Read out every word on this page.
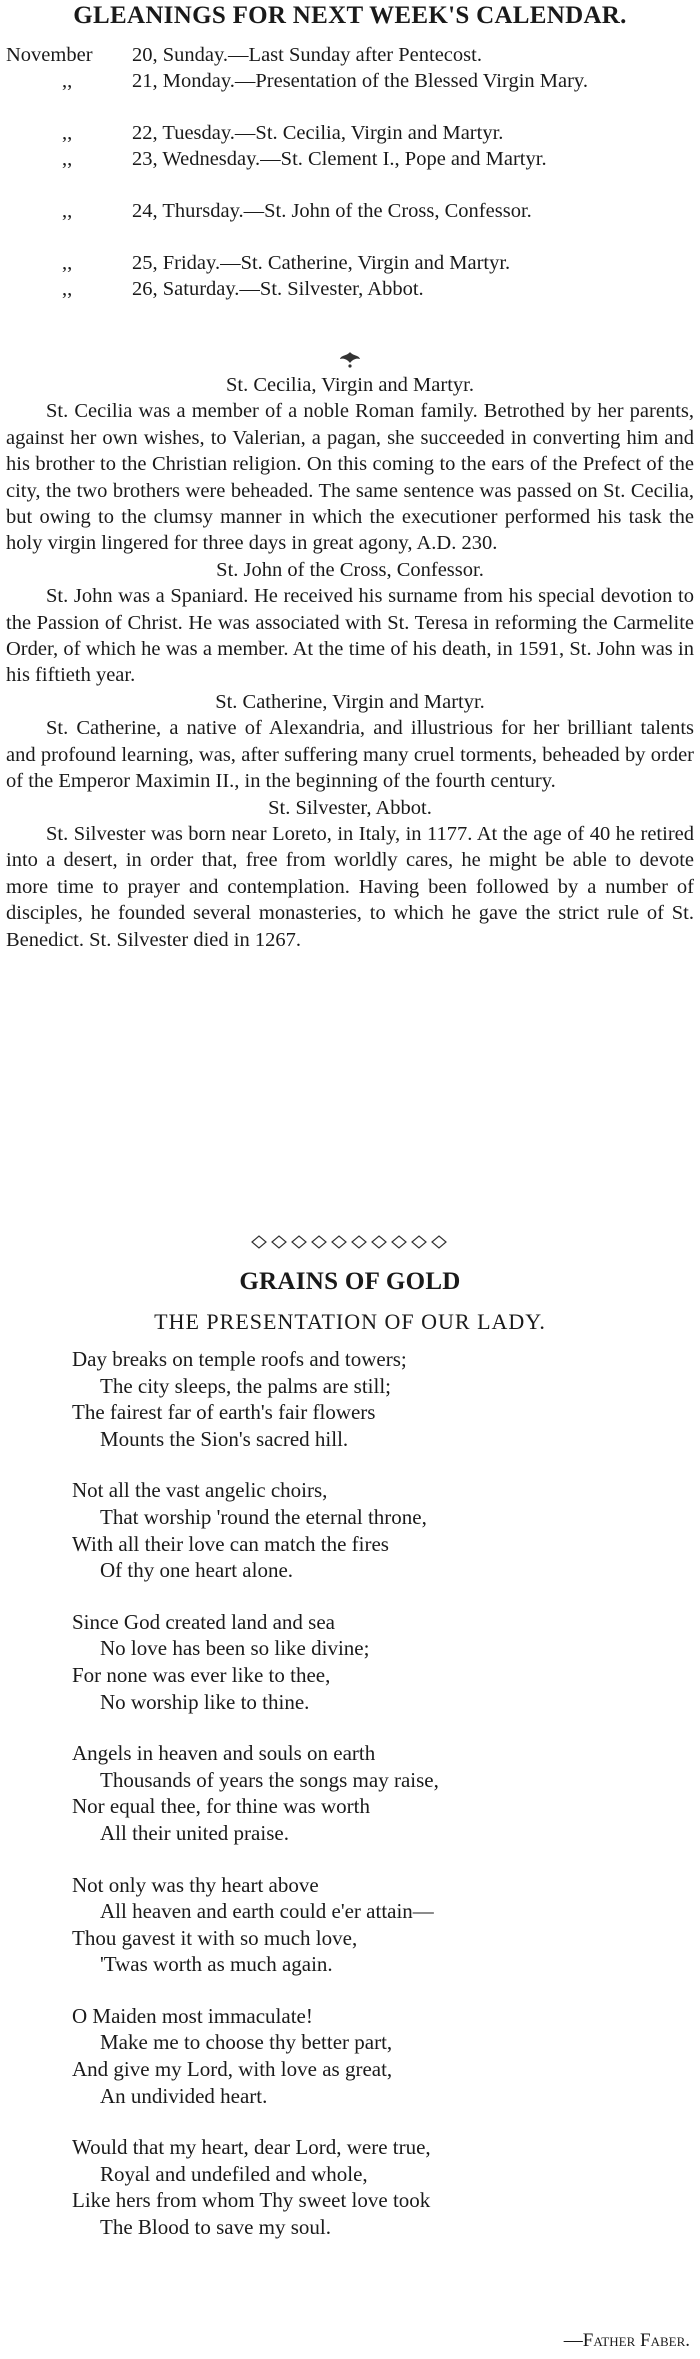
GLEANINGS FOR NEXT WEEK'S CALENDAR.
November 20, Sunday.—Last Sunday after Pentecost.
,,	21, Monday.—Presentation of the Blessed Virgin Mary.
,,	22, Tuesday.—St. Cecilia, Virgin and Martyr.
,,	23, Wednesday.—St. Clement I., Pope and Martyr.
,,	24, Thursday.—St. John of the Cross, Confessor.
,,	25, Friday.—St. Catherine, Virgin and Martyr.
,,	26, Saturday.—St. Silvester, Abbot.

St. Cecilia, Virgin and Martyr.

St. Cecilia was a member of a noble Roman family. Betrothed by her parents, against her own wishes, to Valerian, a pagan, she succeeded in converting him and his brother to the Christian religion. On this coming to the ears of the Prefect of the city, the two brothers were beheaded. The same sentence was passed on St. Cecilia, but owing to the clumsy manner in which the executioner performed his task the holy virgin lingered for three days in great agony, A.D. 230.

St. John of the Cross, Confessor.

St. John was a Spaniard. He received his surname from his special devotion to the Passion of Christ. He was associated with St. Teresa in reforming the Carmelite Order, of which he was a member. At the time of his death, in 1591, St. John was in his fiftieth year.

St. Catherine, Virgin and Martyr.

St. Catherine, a native of Alexandria, and illustrious for her brilliant talents and profound learning, was, after suffering many cruel torments, beheaded by order of the Emperor Maximin II., in the beginning of the fourth century.

St. Silvester, Abbot.

St. Silvester was born near Loreto, in Italy, in 1177. At the age of 40 he retired into a desert, in order that, free from worldly cares, he might be able to devote more time to prayer and contemplation. Having been followed by a number of disciples, he founded several monasteries, to which he gave the strict rule of St. Benedict. St. Silvester died in 1267.

GRAINS OF GOLD
THE PRESENTATION OF OUR LADY.
Day breaks on temple roofs and towers;
The city sleeps, the palms are still;
The fairest far of earth's fair flowers
Mounts the Sion's sacred hill.
Not all the vast angelic choirs,
That worship 'round the eternal throne,
With all their love can match the fires
Of thy one heart alone.
Since God created land and sea
No love has been so like divine;
For none was ever like to thee,
No worship like to thine.
Angels in heaven and souls on earth
Thousands of years the songs may raise,
Nor equal thee, for thine was worth
All their united praise.
Not only was thy heart above
All heaven and earth could e'er attain—
Thou gavest it with so much love,
'Twas worth as much again.
O Maiden most immaculate!
Make me to choose thy better part,
And give my Lord, with love as great,
An undivided heart.
Would that my heart, dear Lord, were true,
Royal and undefiled and whole,
Like hers from whom Thy sweet love took
The Blood to save my soul.
—Father Faber.
